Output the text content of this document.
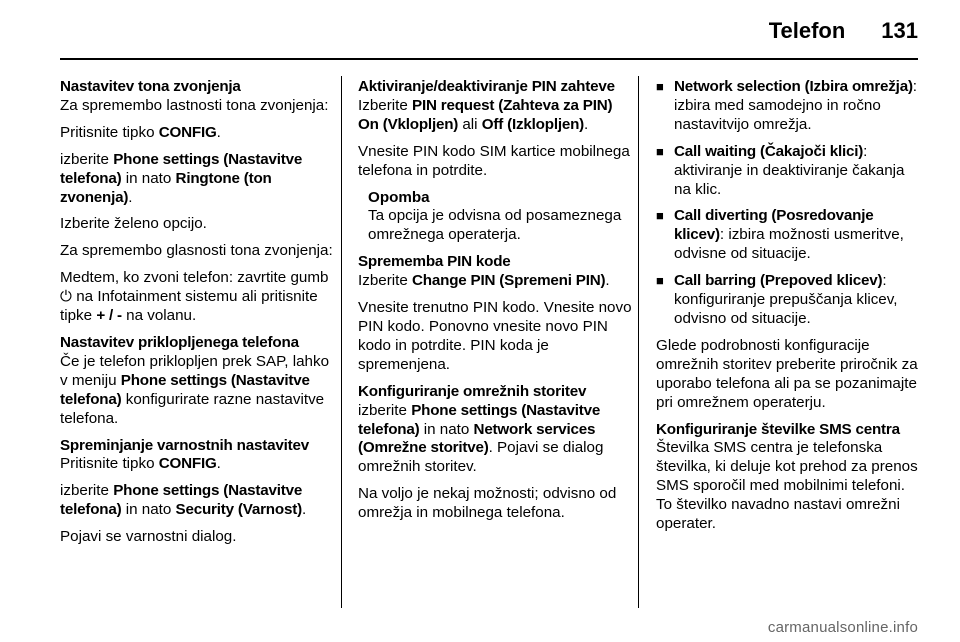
Telefon 131
Nastavitev tona zvonjenja
Za spremembo lastnosti tona zvonjenja:
Pritisnite tipko CONFIG.
izberite Phone settings (Nastavitve telefona) in nato Ringtone (ton zvonenja).
Izberite želeno opcijo.
Za spremembo glasnosti tona zvonjenja:
Medtem, ko zvoni telefon: zavrtite gumb ⏻ na Infotainment sistemu ali pritisnite tipke + / - na volanu.
Nastavitev priklopljenega telefona
Če je telefon priklopljen prek SAP, lahko v meniju Phone settings (Nastavitve telefona) konfigurirate razne nastavitve telefona.
Spreminjanje varnostnih nastavitev
Pritisnite tipko CONFIG.
izberite Phone settings (Nastavitve telefona) in nato Security (Varnost).
Pojavi se varnostni dialog.
Aktiviranje/deaktiviranje PIN zahteve
Izberite PIN request (Zahteva za PIN) On (Vklopljen) ali Off (Izklopljen).
Vnesite PIN kodo SIM kartice mobilnega telefona in potrdite.
Opomba
Ta opcija je odvisna od posameznega omrežnega operaterja.
Sprememba PIN kode
Izberite Change PIN (Spremeni PIN).
Vnesite trenutno PIN kodo. Vnesite novo PIN kodo. Ponovno vnesite novo PIN kodo in potrdite. PIN koda je spremenjena.
Konfiguriranje omrežnih storitev
izberite Phone settings (Nastavitve telefona) in nato Network services (Omrežne storitve). Pojavi se dialog omrežnih storitev.
Na voljo je nekaj možnosti; odvisno od omrežja in mobilnega telefona.
■ Network selection (Izbira omrežja): izbira med samodejno in ročno nastavitvijo omrežja.
■ Call waiting (Čakajoči klici): aktiviranje in deaktiviranje čakanja na klic.
■ Call diverting (Posredovanje klicev): izbira možnosti usmeritve, odvisne od situacije.
■ Call barring (Prepoved klicev): konfiguriranje prepuščanja klicev, odvisno od situacije.
Glede podrobnosti konfiguracije omrežnih storitev preberite priročnik za uporabo telefona ali pa se pozanimajte pri omrežnem operaterju.
Konfiguriranje številke SMS centra
Številka SMS centra je telefonska številka, ki deluje kot prehod za prenos SMS sporočil med mobilnimi telefoni. To številko navadno nastavi omrežni operater.
carmanualsonline.info
